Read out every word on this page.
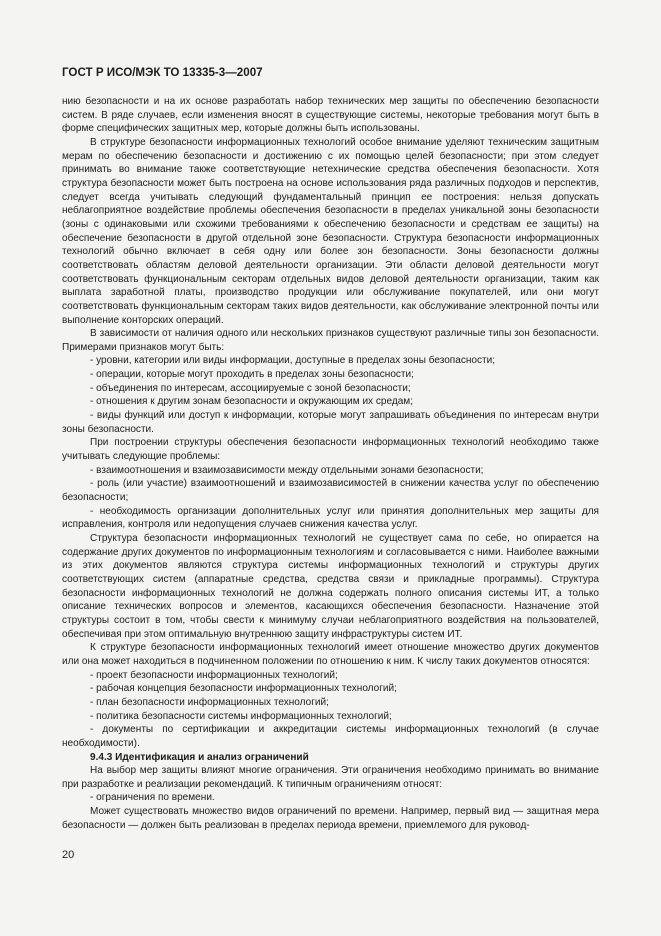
ГОСТ Р ИСО/МЭК ТО 13335-3—2007

нию безопасности и на их основе разработать набор технических мер защиты по обеспечению безопасности систем. В ряде случаев, если изменения вносят в существующие системы, некоторые требования могут быть в форме специфических защитных мер, которые должны быть использованы.

В структуре безопасности информационных технологий особое внимание уделяют техническим защитным мерам по обеспечению безопасности и достижению с их помощью целей безопасности; при этом следует принимать во внимание также соответствующие нетехнические средства обеспечения безопасности. Хотя структура безопасности может быть построена на основе использования ряда различных подходов и перспектив, следует всегда учитывать следующий фундаментальный принцип ее построения: нельзя допускать неблагоприятное воздействие проблемы обеспечения безопасности в пределах уникальной зоны безопасности (зоны с одинаковыми или схожими требованиями к обеспечению безопасности и средствам ее защиты) на обеспечение безопасности в другой отдельной зоне безопасности. Структура безопасности информационных технологий обычно включает в себя одну или более зон безопасности. Зоны безопасности должны соответствовать областям деловой деятельности организации. Эти области деловой деятельности могут соответствовать функциональным секторам отдельных видов деловой деятельности организации, таким как выплата заработной платы, производство продукции или обслуживание покупателей, или они могут соответствовать функциональным секторам таких видов деятельности, как обслуживание электронной почты или выполнение конторских операций.

В зависимости от наличия одного или нескольких признаков существуют различные типы зон безопасности. Примерами признаков могут быть:

- уровни, категории или виды информации, доступные в пределах зоны безопасности;

- операции, которые могут проходить в пределах зоны безопасности;

- объединения по интересам, ассоциируемые с зоной безопасности;

- отношения к другим зонам безопасности и окружающим их средам;

- виды функций или доступ к информации, которые могут запрашивать объединения по интересам внутри зоны безопасности.

При построении структуры обеспечения безопасности информационных технологий необходимо также учитывать следующие проблемы:

- взаимоотношения и взаимозависимости между отдельными зонами безопасности;

- роль (или участие) взаимоотношений и взаимозависимостей в снижении качества услуг по обеспечению безопасности;

- необходимость организации дополнительных услуг или принятия дополнительных мер защиты для исправления, контроля или недопущения случаев снижения качества услуг.

Структура безопасности информационных технологий не существует сама по себе, но опирается на содержание других документов по информационным технологиям и согласовывается с ними. Наиболее важными из этих документов являются структура системы информационных технологий и структуры других соответствующих систем (аппаратные средства, средства связи и прикладные программы). Структура безопасности информационных технологий не должна содержать полного описания системы ИТ, а только описание технических вопросов и элементов, касающихся обеспечения безопасности. Назначение этой структуры состоит в том, чтобы свести к минимуму случаи неблагоприятного воздействия на пользователей, обеспечивая при этом оптимальную внутреннюю защиту инфраструктуры систем ИТ.

К структуре безопасности информационных технологий имеет отношение множество других документов или она может находиться в подчиненном положении по отношению к ним. К числу таких документов относятся:

- проект безопасности информационных технологий;

- рабочая концепция безопасности информационных технологий;

- план безопасности информационных технологий;

- политика безопасности системы информационных технологий;

- документы по сертификации и аккредитации системы информационных технологий (в случае необходимости).

9.4.3 Идентификация и анализ ограничений

На выбор мер защиты влияют многие ограничения. Эти ограничения необходимо принимать во внимание при разработке и реализации рекомендаций. К типичным ограничениям относят:

- ограничения по времени.

Может существовать множество видов ограничений по времени. Например, первый вид — защитная мера безопасности — должен быть реализован в пределах периода времени, приемлемого для руковод-

20
